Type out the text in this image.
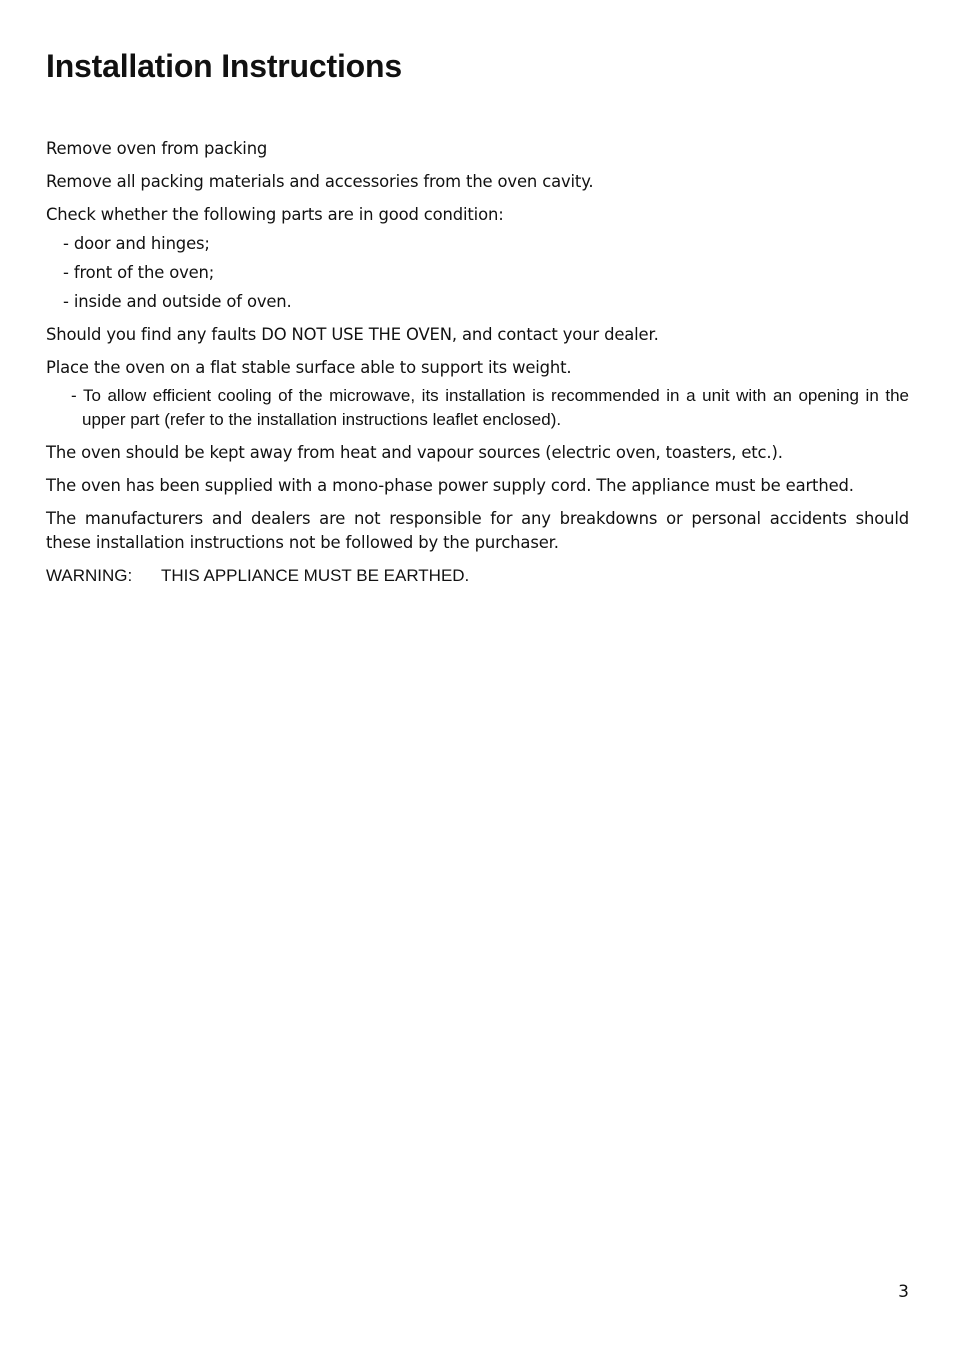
Installation Instructions

Remove oven from packing

Remove all packing materials and accessories from the oven cavity.

Check whether the following parts are in good condition:
- door and hinges;
- front of the oven;
- inside and outside of oven.

Should you find any faults DO NOT USE THE OVEN, and contact your dealer.

Place the oven on a flat stable surface able to support its weight.

- To allow efficient cooling of the microwave, its installation is recommended in a unit with an opening in the upper part (refer to the installation instructions leaflet enclosed).

The oven should be kept away from heat and vapour sources (electric oven, toasters, etc.).

The oven has been supplied with a mono-phase power supply cord. The appliance must be earthed.

The manufacturers and dealers are not responsible for any breakdowns or personal accidents should these installation instructions not be followed by the purchaser.

WARNING: THIS APPLIANCE MUST BE EARTHED.

3
